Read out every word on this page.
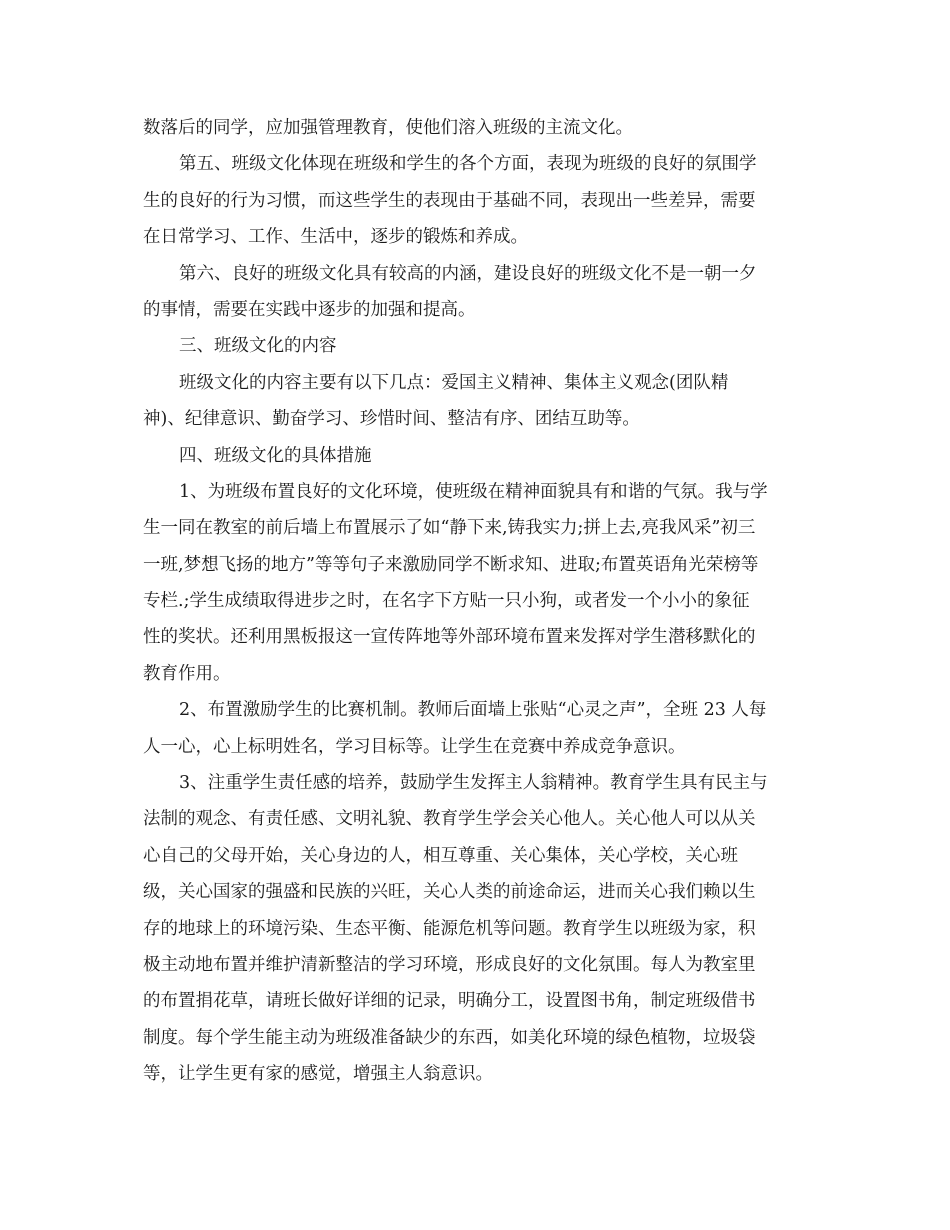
数落后的同学，应加强管理教育，使他们溶入班级的主流文化。
第五、班级文化体现在班级和学生的各个方面，表现为班级的良好的氛围学
生的良好的行为习惯，而这些学生的表现由于基础不同，表现出一些差异，需要
在日常学习、工作、生活中，逐步的锻炼和养成。
第六、良好的班级文化具有较高的内涵，建设良好的班级文化不是一朝一夕
的事情，需要在实践中逐步的加强和提高。
三、班级文化的内容
班级文化的内容主要有以下几点：爱国主义精神、集体主义观念(团队精
神)、纪律意识、勤奋学习、珍惜时间、整洁有序、团结互助等。
四、班级文化的具体措施
1、为班级布置良好的文化环境，使班级在精神面貌具有和谐的气氛。我与学
生一同在教室的前后墙上布置展示了如“静下来,铸我实力;拼上去,亮我风采”初三
一班,梦想飞扬的地方”等等句子来激励同学不断求知、进取;布置英语角光荣榜等
专栏.;学生成绩取得进步之时，在名字下方贴一只小狗，或者发一个小小的象征
性的奖状。还利用黑板报这一宣传阵地等外部环境布置来发挥对学生潜移默化的
教育作用。
2、布置激励学生的比赛机制。教师后面墙上张贴“心灵之声”，全班 23 人每
人一心，心上标明姓名，学习目标等。让学生在竞赛中养成竞争意识。
3、注重学生责任感的培养，鼓励学生发挥主人翁精神。教育学生具有民主与
法制的观念、有责任感、文明礼貌、教育学生学会关心他人。关心他人可以从关
心自己的父母开始，关心身边的人，相互尊重、关心集体，关心学校，关心班
级，关心国家的强盛和民族的兴旺，关心人类的前途命运，进而关心我们赖以生
存的地球上的环境污染、生态平衡、能源危机等问题。教育学生以班级为家，积
极主动地布置并维护清新整洁的学习环境，形成良好的文化氛围。每人为教室里
的布置捐花草，请班长做好详细的记录，明确分工，设置图书角，制定班级借书
制度。每个学生能主动为班级准备缺少的东西，如美化环境的绿色植物，垃圾袋
等，让学生更有家的感觉，增强主人翁意识。
